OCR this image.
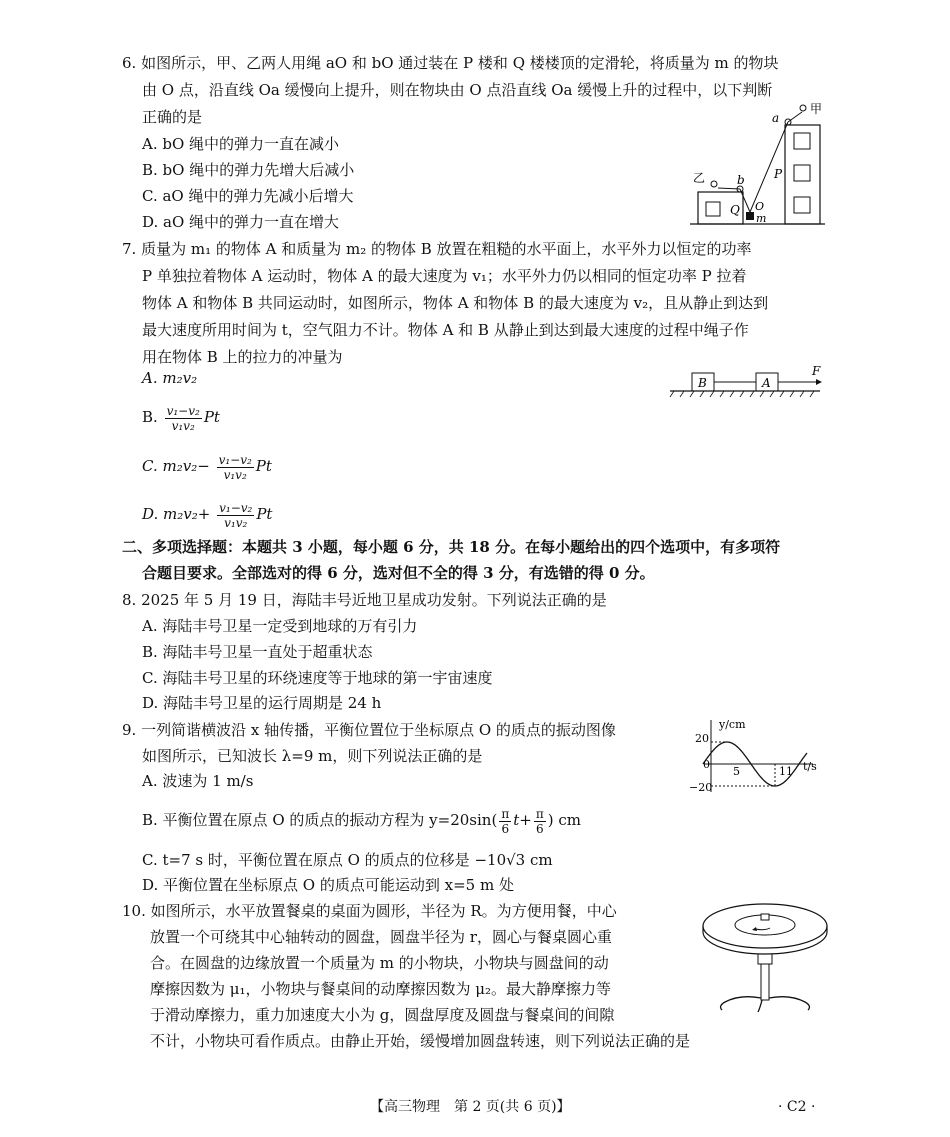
6. 如图所示，甲、乙两人用绳 aO 和 bO 通过装在 P 楼和 Q 楼楼顶的定滑轮，将质量为 m 的物块
由 O 点，沿直线 Oa 缓慢向上提升，则在物块由 O 点沿直线 Oa 缓慢上升的过程中，以下判断
正确的是
A. bO 绳中的弹力一直在减小
B. bO 绳中的弹力先增大后减小
C. aO 绳中的弹力先减小后增大
D. aO 绳中的弹力一直在增大
a
甲
乙	b P
Q O
m
7. 质量为 m₁ 的物体 A 和质量为 m₂ 的物体 B 放置在粗糙的水平面上，水平外力以恒定的功率
P 单独拉着物体 A 运动时，物体 A 的最大速度为 v₁；水平外力仍以相同的恒定功率 P 拉着
物体 A 和物体 B 共同运动时，如图所示，物体 A 和物体 B 的最大速度为 v₂，且从静止到达到
最大速度所用时间为 t，空气阻力不计。物体 A 和 B 从静止到达到最大速度的过程中绳子作
用在物体 B 上的拉力的冲量为
A. m₂v₂
B. $\frac{\text{v₁−v₂}}{\text{v₁v₂}}$ Pt
C. $m_2v_2- \frac{\text{v₁−v₂}}{\text{v₁v₂}}$ Pt
D. $m_2v_2+ \frac{\text{v₁−v₂}}{\text{v₁v₂}}$ Pt
B	A
F
二、多项选择题：本题共 3 小题，每小题 6 分，共 18 分。在每小题给出的四个选项中，有多项符
合题目要求。全部选对的得 6 分，选对但不全的得 3 分，有选错的得 0 分。
8. 2025 年 5 月 19 日，海陆丰号近地卫星成功发射。下列说法正确的是
A. 海陆丰号卫星一定受到地球的万有引力
B. 海陆丰号卫星一直处于超重状态
C. 海陆丰号卫星的环绕速度等于地球的第一宇宙速度
D. 海陆丰号卫星的运行周期是 24 h
9. 一列简谐横波沿 x 轴传播，平衡位置位于坐标原点 O 的质点的振动图像
如图所示，已知波长 λ=9 m，则下列说法正确的是
A. 波速为 1 m/s
B. 平衡位置在原点 O 的质点的振动方程为 $y=20\sin( \frac{\pi}{6} t+ \frac{\pi}{6}$ ) cm
C. t=7 s 时，平衡位置在原点 O 的质点的位移是 −10√3 cm
D. 平衡位置在坐标原点 O 的质点可能运动到 x=5 m 处
y/cm
t/s
20
−20
0
5	11
10. 如图所示，水平放置餐桌的桌面为圆形，半径为 R。为方便用餐，中心
放置一个可绕其中心轴转动的圆盘，圆盘半径为 r，圆心与餐桌圆心重
合。在圆盘的边缘放置一个质量为 m 的小物块，小物块与圆盘间的动
摩擦因数为 μ₁，小物块与餐桌间的动摩擦因数为 μ₂。最大静摩擦力等
于滑动摩擦力，重力加速度大小为 g，圆盘厚度及圆盘与餐桌间的间隙
不计，小物块可看作质点。由静止开始，缓慢增加圆盘转速，则下列说法正确的是
【高三物理　第 2 页(共 6 页)】	· C2 ·
